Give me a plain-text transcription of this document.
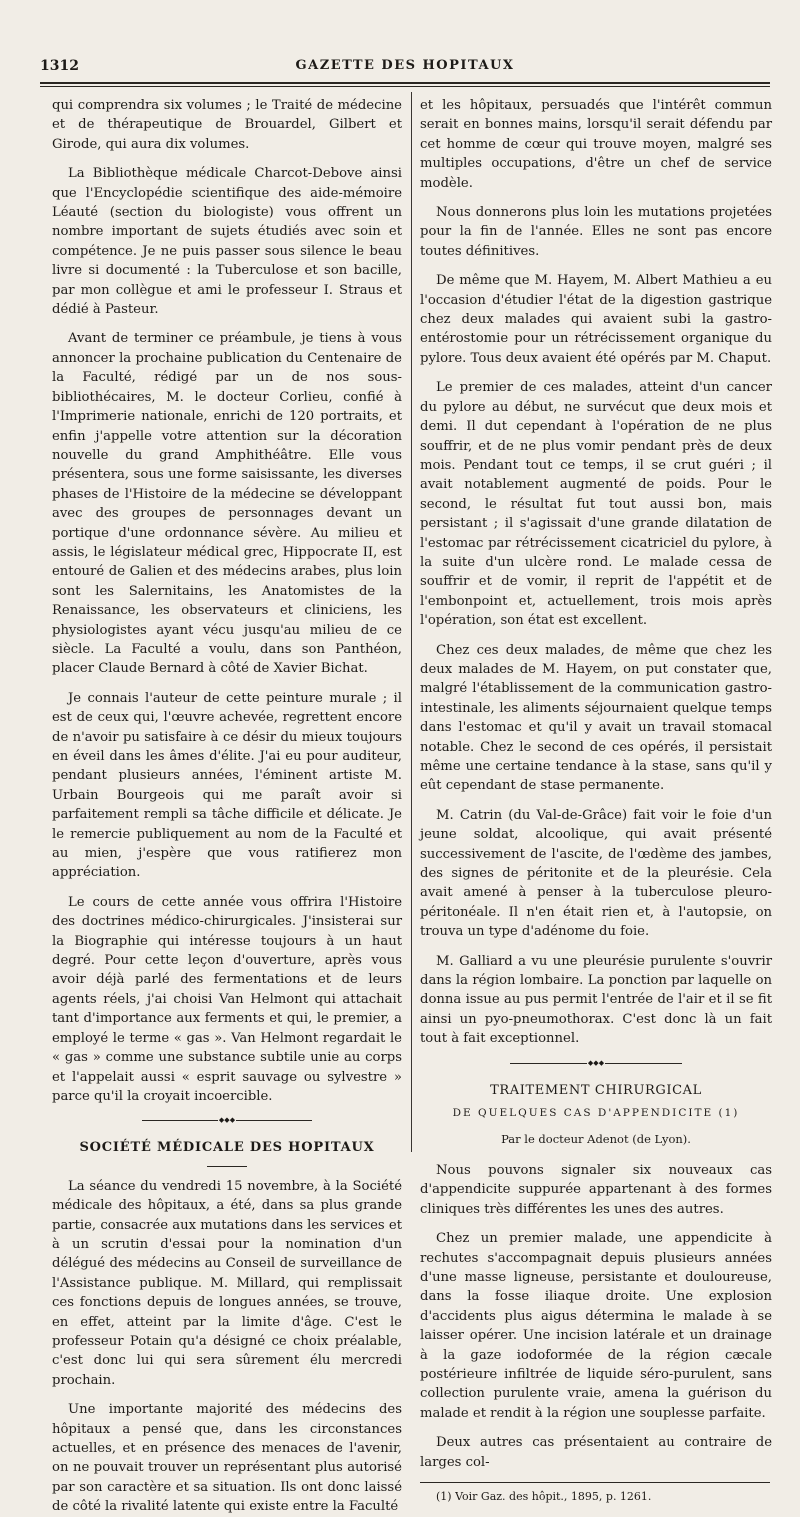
1312	GAZETTE DES HOPITAUX

qui comprendra six volumes ; le Traité de médecine et de thérapeutique de Brouardel, Gilbert et Girode, qui aura dix volumes.

La Bibliothèque médicale Charcot-Debove ainsi que l'Encyclopédie scientifique des aide-mémoire Léauté (section du biologiste) vous offrent un nombre important de sujets étudiés avec soin et compétence. Je ne puis passer sous silence le beau livre si documenté : la Tuberculose et son bacille, par mon collègue et ami le professeur I. Straus et dédié à Pasteur.

Avant de terminer ce préambule, je tiens à vous annoncer la prochaine publication du Centenaire de la Faculté, rédigé par un de nos sous-bibliothécaires, M. le docteur Corlieu, confié à l'Imprimerie nationale, enrichi de 120 portraits, et enfin j'appelle votre attention sur la décoration nouvelle du grand Amphithéâtre. Elle vous présentera, sous une forme saisissante, les diverses phases de l'Histoire de la médecine se développant avec des groupes de personnages devant un portique d'une ordonnance sévère. Au milieu et assis, le législateur médical grec, Hippocrate II, est entouré de Galien et des médecins arabes, plus loin sont les Salernitains, les Anatomistes de la Renaissance, les observateurs et cliniciens, les physiologistes ayant vécu jusqu'au milieu de ce siècle. La Faculté a voulu, dans son Panthéon, placer Claude Bernard à côté de Xavier Bichat.

Je connais l'auteur de cette peinture murale ; il est de ceux qui, l'œuvre achevée, regrettent encore de n'avoir pu satisfaire à ce désir du mieux toujours en éveil dans les âmes d'élite. J'ai eu pour auditeur, pendant plusieurs années, l'éminent artiste M. Urbain Bourgeois qui me paraît avoir si parfaitement rempli sa tâche difficile et délicate. Je le remercie publiquement au nom de la Faculté et au mien, j'espère que vous ratifierez mon appréciation.

Le cours de cette année vous offrira l'Histoire des doctrines médico-chirurgicales. J'insisterai sur la Biographie qui intéresse toujours à un haut degré. Pour cette leçon d'ouverture, après vous avoir déjà parlé des fermentations et de leurs agents réels, j'ai choisi Van Helmont qui attachait tant d'importance aux ferments et qui, le premier, a employé le terme « gas ». Van Helmont regardait le « gas » comme une substance subtile unie au corps et l'appelait aussi « esprit sauvage ou sylvestre » parce qu'il la croyait incoercible.

◆◆◆
SOCIÉTÉ MÉDICALE DES HOPITAUX

La séance du vendredi 15 novembre, à la Société médicale des hôpitaux, a été, dans sa plus grande partie, consacrée aux mutations dans les services et à un scrutin d'essai pour la nomination d'un délégué des médecins au Conseil de surveillance de l'Assistance publique. M. Millard, qui remplissait ces fonctions depuis de longues années, se trouve, en effet, atteint par la limite d'âge. C'est le professeur Potain qu'a désigné ce choix préalable, c'est donc lui qui sera sûrement élu mercredi prochain.

Une importante majorité des médecins des hôpitaux a pensé que, dans les circonstances actuelles, et en présence des menaces de l'avenir, on ne pouvait trouver un représentant plus autorisé par son caractère et sa situation. Ils ont donc laissé de côté la rivalité latente qui existe entre la Faculté

et les hôpitaux, persuadés que l'intérêt commun serait en bonnes mains, lorsqu'il serait défendu par cet homme de cœur qui trouve moyen, malgré ses multiples occupations, d'être un chef de service modèle.

Nous donnerons plus loin les mutations projetées pour la fin de l'année. Elles ne sont pas encore toutes définitives.

De même que M. Hayem, M. Albert Mathieu a eu l'occasion d'étudier l'état de la digestion gastrique chez deux malades qui avaient subi la gastro-entérostomie pour un rétrécissement organique du pylore. Tous deux avaient été opérés par M. Chaput.

Le premier de ces malades, atteint d'un cancer du pylore au début, ne survécut que deux mois et demi. Il dut cependant à l'opération de ne plus souffrir, et de ne plus vomir pendant près de deux mois. Pendant tout ce temps, il se crut guéri ; il avait notablement augmenté de poids. Pour le second, le résultat fut tout aussi bon, mais persistant ; il s'agissait d'une grande dilatation de l'estomac par rétrécissement cicatriciel du pylore, à la suite d'un ulcère rond. Le malade cessa de souffrir et de vomir, il reprit de l'appétit et de l'embonpoint et, actuellement, trois mois après l'opération, son état est excellent.

Chez ces deux malades, de même que chez les deux malades de M. Hayem, on put constater que, malgré l'établissement de la communication gastro-intestinale, les aliments séjournaient quelque temps dans l'estomac et qu'il y avait un travail stomacal notable. Chez le second de ces opérés, il persistait même une certaine tendance à la stase, sans qu'il y eût cependant de stase permanente.

M. Catrin (du Val-de-Grâce) fait voir le foie d'un jeune soldat, alcoolique, qui avait présenté successivement de l'ascite, de l'œdème des jambes, des signes de péritonite et de la pleurésie. Cela avait amené à penser à la tuberculose pleuro-péritonéale. Il n'en était rien et, à l'autopsie, on trouva un type d'adénome du foie.

M. Galliard a vu une pleurésie purulente s'ouvrir dans la région lombaire. La ponction par laquelle on donna issue au pus permit l'entrée de l'air et il se fit ainsi un pyo-pneumothorax. C'est donc là un fait tout à fait exceptionnel.

◆◆◆
TRAITEMENT CHIRURGICAL
DE QUELQUES CAS D'APPENDICITE (1)
Par le docteur Adenot (de Lyon).

Nous pouvons signaler six nouveaux cas d'appendicite suppurée appartenant à des formes cliniques très différentes les unes des autres.

Chez un premier malade, une appendicite à rechutes s'accompagnait depuis plusieurs années d'une masse ligneuse, persistante et douloureuse, dans la fosse iliaque droite. Une explosion d'accidents plus aigus détermina le malade à se laisser opérer. Une incision latérale et un drainage à la gaze iodoformée de la région cæcale postérieure infiltrée de liquide séro-purulent, sans collection purulente vraie, amena la guérison du malade et rendit à la région une souplesse parfaite.

Deux autres cas présentaient au contraire de larges col-

(1) Voir Gaz. des hôpit., 1895, p. 1261.
